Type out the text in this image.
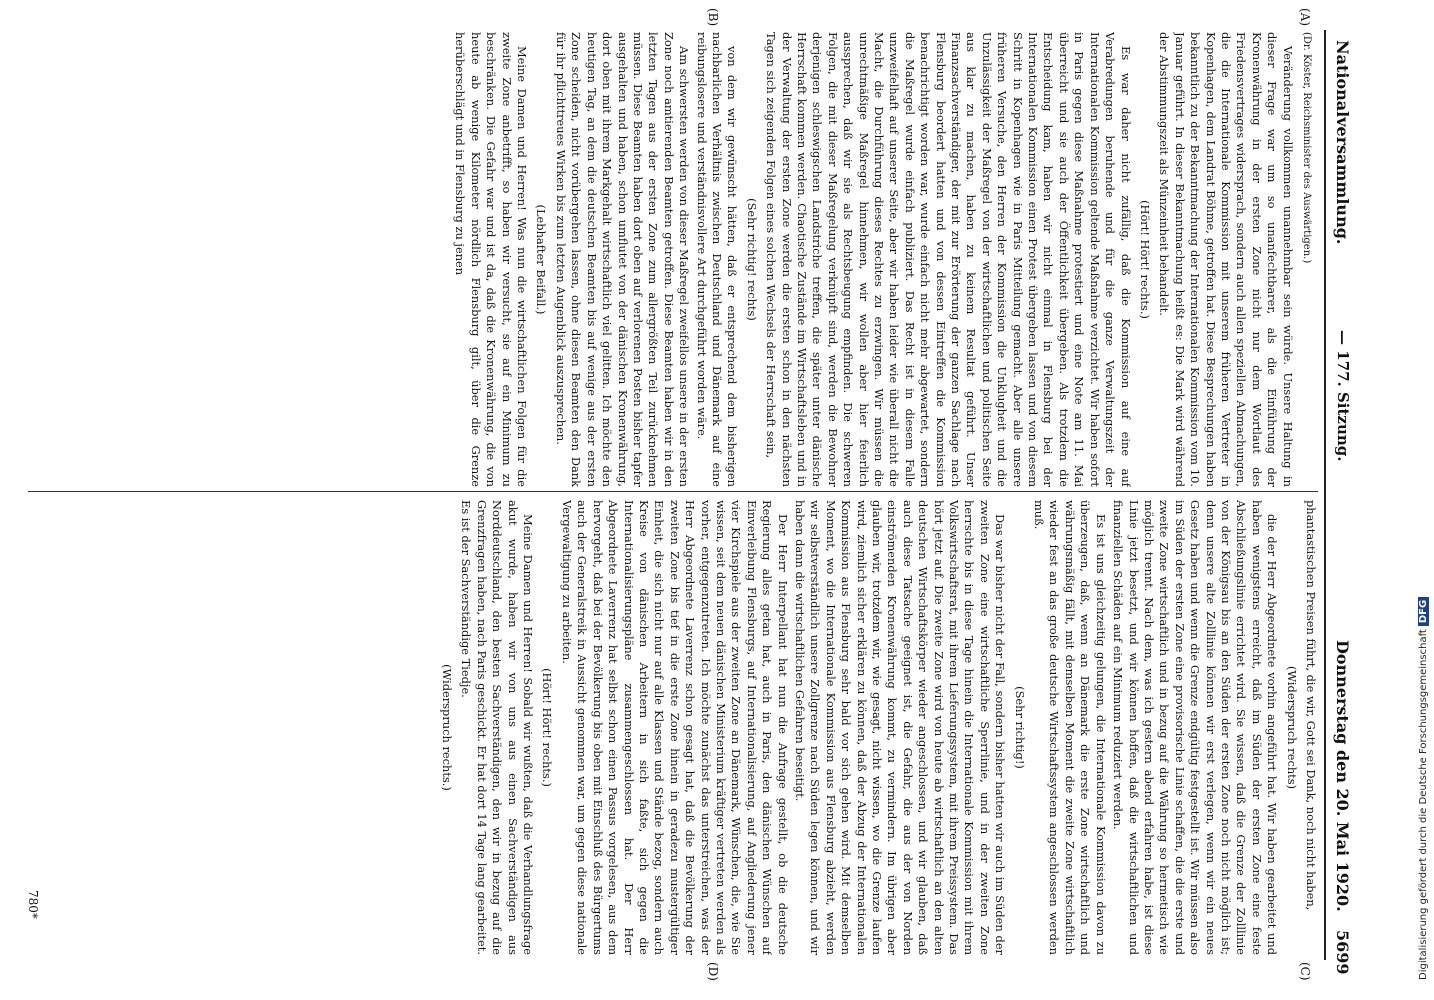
Nationalversammlung.
— 177. Sitzung.
Donnerstag den 20. Mai 1920.
5699
(A)
(B)
(C)
(D)

(Dr. Köster, Reichsminister des Auswärtigen.)

Veränderung vollkommen unannehmbar sein würde. Unsere Haltung in dieser Frage war um so unanfechtbarer, als die Einführung der Kronenwährung in der ersten Zone nicht nur dem Wortlaut des Friedensvertrages widersprach, sondern auch allen speziellen Abmachungen, die die Internationale Kommission mit unserem früheren Vertreter in Kopenhagen, dem Landrat Böhme, getroffen hat. Diese Besprechungen haben bekanntlich zu der Bekanntmachung der Internationalen Kommission vom 10. Januar geführt. In dieser Bekanntmachung heißt es: Die Mark wird während der Abstimmungszeit als Münzeinheit behandelt.

(Hört! Hört! rechts.)

Es war daher nicht zufällig, daß die Kommission auf eine auf Verabredungen beruhende und für die ganze Verwaltungszeit der Internationalen Kommission geltende Maßnahme verzichtet. Wir haben sofort in Paris gegen diese Maßnahme protestiert und eine Note am 11. Mai überreicht und sie auch der Öffentlichkeit übergeben. Als trotzdem die Entscheidung kam, haben wir nicht einmal in Flensburg bei der Internationalen Kommission einen Protest übergeben lassen und von diesem Schritt in Kopenhagen wie in Paris Mitteilung gemacht. Aber alle unsere früheren Versuche, den Herren der Kommission die Unklugheit und die Unzulässigkeit der Maßregel von der wirtschaftlichen und politischen Seite aus klar zu machen, haben zu keinem Resultat geführt. Unser Finanzsachverständiger, der mit zur Erörterung der ganzen Sachlage nach Flensburg beordert hatten und von dessen Eintreffen die Kommission benachrichtigt worden war, wurde einfach nicht mehr abgewartet, sondern die Maßregel wurde einfach publiziert. Das Recht ist in diesem Falle unzweifelhaft auf unserer Seite, aber wir haben leider wie überall nicht die Macht, die Durchführung dieses Rechtes zu erzwingen. Wir müssen die unrechtmäßige Maßregel hinnehmen, wir wollen aber hier feierlich aussprechen, daß wir sie als Rechtsbeugung empfinden. Die schweren Folgen, die mit dieser Maßregelung verknüpft sind, werden die Bewohner derjenigen schleswigschen Landstriche treffen, die später unter dänische Herrschaft kommen werden. Chaotische Zustände im Wirtschaftsleben und in der Verwaltung der ersten Zone werden die ersten schon in den nächsten Tagen sich zeigenden Folgen eines solchen Wechsels der Herrschaft sein,

(Sehr richtig! rechts)

von dem wir gewünscht hätten, daß er entsprechend dem bisherigen nachbarlichen Verhältnis zwischen Deutschland und Dänemark auf eine reibungslosere und verständnisvollere Art durchgeführt worden wäre.

Am schwersten werden von dieser Maßregel zweifellos unsere in der ersten Zone noch amtierenden Beamten getroffen. Diese Beamten haben wir in den letzten Tagen aus der ersten Zone zum allergrößten Teil zurücknehmen müssen. Diese Beamten haben dort oben auf verlorenen Posten bisher tapfer ausgehalten und haben, schon umflutet von der dänischen Kronenwährung, dort oben mit ihrem Markgehalt wirtschaftlich viel gelitten. Ich möchte den heutigen Tag, an dem die deutschen Beamten bis auf wenige aus der ersten Zone scheiden, nicht vorübergehen lassen, ohne diesen Beamten den Dank für ihr pflichttreues Wirken bis zum letzten Augenblick auszusprechen.

(Lebhafter Beifall.)

Meine Damen und Herren! Was nun die wirtschaftlichen Folgen für die zweite Zone anbetrifft, so haben wir versucht, sie auf ein Minimum zu beschränken. Die Gefahr war und ist da, daß die Kronenwährung, die von heute ab wenige Kilometer nördlich Flensburg gilt, über die Grenze herüberschlägt und in Flensburg zu jenen

phantastischen Preisen führt, die wir, Gott sei Dank, noch nicht haben,

(Widerspruch rechts)

die der Herr Abgeordnete vorhin angeführt hat. Wir haben gearbeitet und haben wenigstens erreicht, daß im Süden der ersten Zone eine feste Abschließungslinie errichtet wird. Sie wissen, daß die Grenze der Zolllinie von der Königsau bis an den Süden der ersten Zone noch nicht möglich ist; denn unsere alte Zolllinie können wir erst verlegen, wenn wir ein neues Gesetz haben und wenn die Grenze endgültig festgestellt ist. Wir müssen also im Süden der ersten Zone eine provisorische Linie schaffen, die die erste und zweite Zone wirtschaftlich und in bezug auf die Währung so hermetisch wie möglich trennt. Nach dem, was ich gestern abend erfahren habe, ist diese Linie jetzt besetzt, und wir können hoffen, daß die wirtschaftlichen und finanziellen Schäden auf ein Minimum reduziert werden.

Es ist uns gleichzeitig gelungen, die Internationale Kommission davon zu überzeugen, daß, wenn an Dänemark die erste Zone wirtschaftlich und währungsmäßig fällt, mit demselben Moment die zweite Zone wirtschaftlich wieder fest an das große deutsche Wirtschaftssystem angeschlossen werden muß.

(Sehr richtig!)

Das war bisher nicht der Fall, sondern bisher hatten wir auch im Süden der zweiten Zone eine wirtschaftliche Sperrlinie, und in der zweiten Zone herrschte bis in diese Tage hinein die Internationale Kommission mit ihrem Volkswirtschaftsrat, mit ihrem Lieferungssystem, mit ihrem Preissystem. Das hört jetzt auf. Die zweite Zone wird von heute ab wirtschaftlich an den alten deutschen Wirtschaftskörper wieder angeschlossen, und wir glauben, daß auch diese Tatsache geeignet ist, die Gefahr, die aus der von Norden einströmenden Kronenwährung kommt, zu vermindern. Im übrigen aber glauben wir, trotzdem wir, wie gesagt, nicht wissen, wo die Grenze laufen wird, ziemlich sicher erklären zu können, daß der Abzug der Internationalen Kommission aus Flensburg sehr bald vor sich gehen wird. Mit demselben Moment, wo die Internationale Kommission aus Flensburg abzieht, werden wir selbstverständlich unsere Zollgrenze nach Süden legen können, und wir haben dann die wirtschaftlichen Gefahren beseitigt.

Der Herr Interpellant hat nun die Anfrage gestellt, ob die deutsche Regierung alles getan hat, auch in Paris, den dänischen Wünschen auf Einverleibung Flensburgs, auf Internationalisierung, auf Angliederung jener vier Kirchspiele aus der zweiten Zone an Dänemark, Wünschen, die, wie Sie wissen, seit dem neuen dänischen Ministerium kräftiger vertreten werden als vorher, entgegenzutreten. Ich möchte zunächst das unterstreichen, was der Herr Abgeordnete Laverrenz schon gesagt hat, daß die Bevölkerung der zweiten Zone bis tief in die erste Zone hinein in geradezu mustergültiger Einheit, die sich nicht nur auf alle Klassen und Stände bezog, sondern auch Kreise von dänischen Arbeitern in sich faßte, sich gegen die Internationalisierungspläne zusammengeschlossen hat. Der Herr Abgeordnete Laverrenz hat selbst schon einen Passus vorgelesen, aus dem hervorgeht, daß bei der Bevölkerung bis oben mit Einschluß des Bürgertums auch der Generalstreik in Aussicht genommen war, um gegen diese nationale Vergewaltigung zu arbeiten.

(Hört! Hört! rechts.)

Meine Damen und Herren! Sobald wir wußten, daß die Verhandlungsfrage akut wurde, haben wir von uns aus einen Sachverständigen aus Norddeutschland, den besten Sachverständigen, den wir in bezug auf die Grenzfragen haben, nach Paris geschickt. Er hat dort 14 Tage lang gearbeitet. Es ist der Sachverständige Tiedje.

(Widerspruch rechts.)

780*	Digitalisierung gefördert durch die Deutsche ForschungsgemeinschaftDFG
